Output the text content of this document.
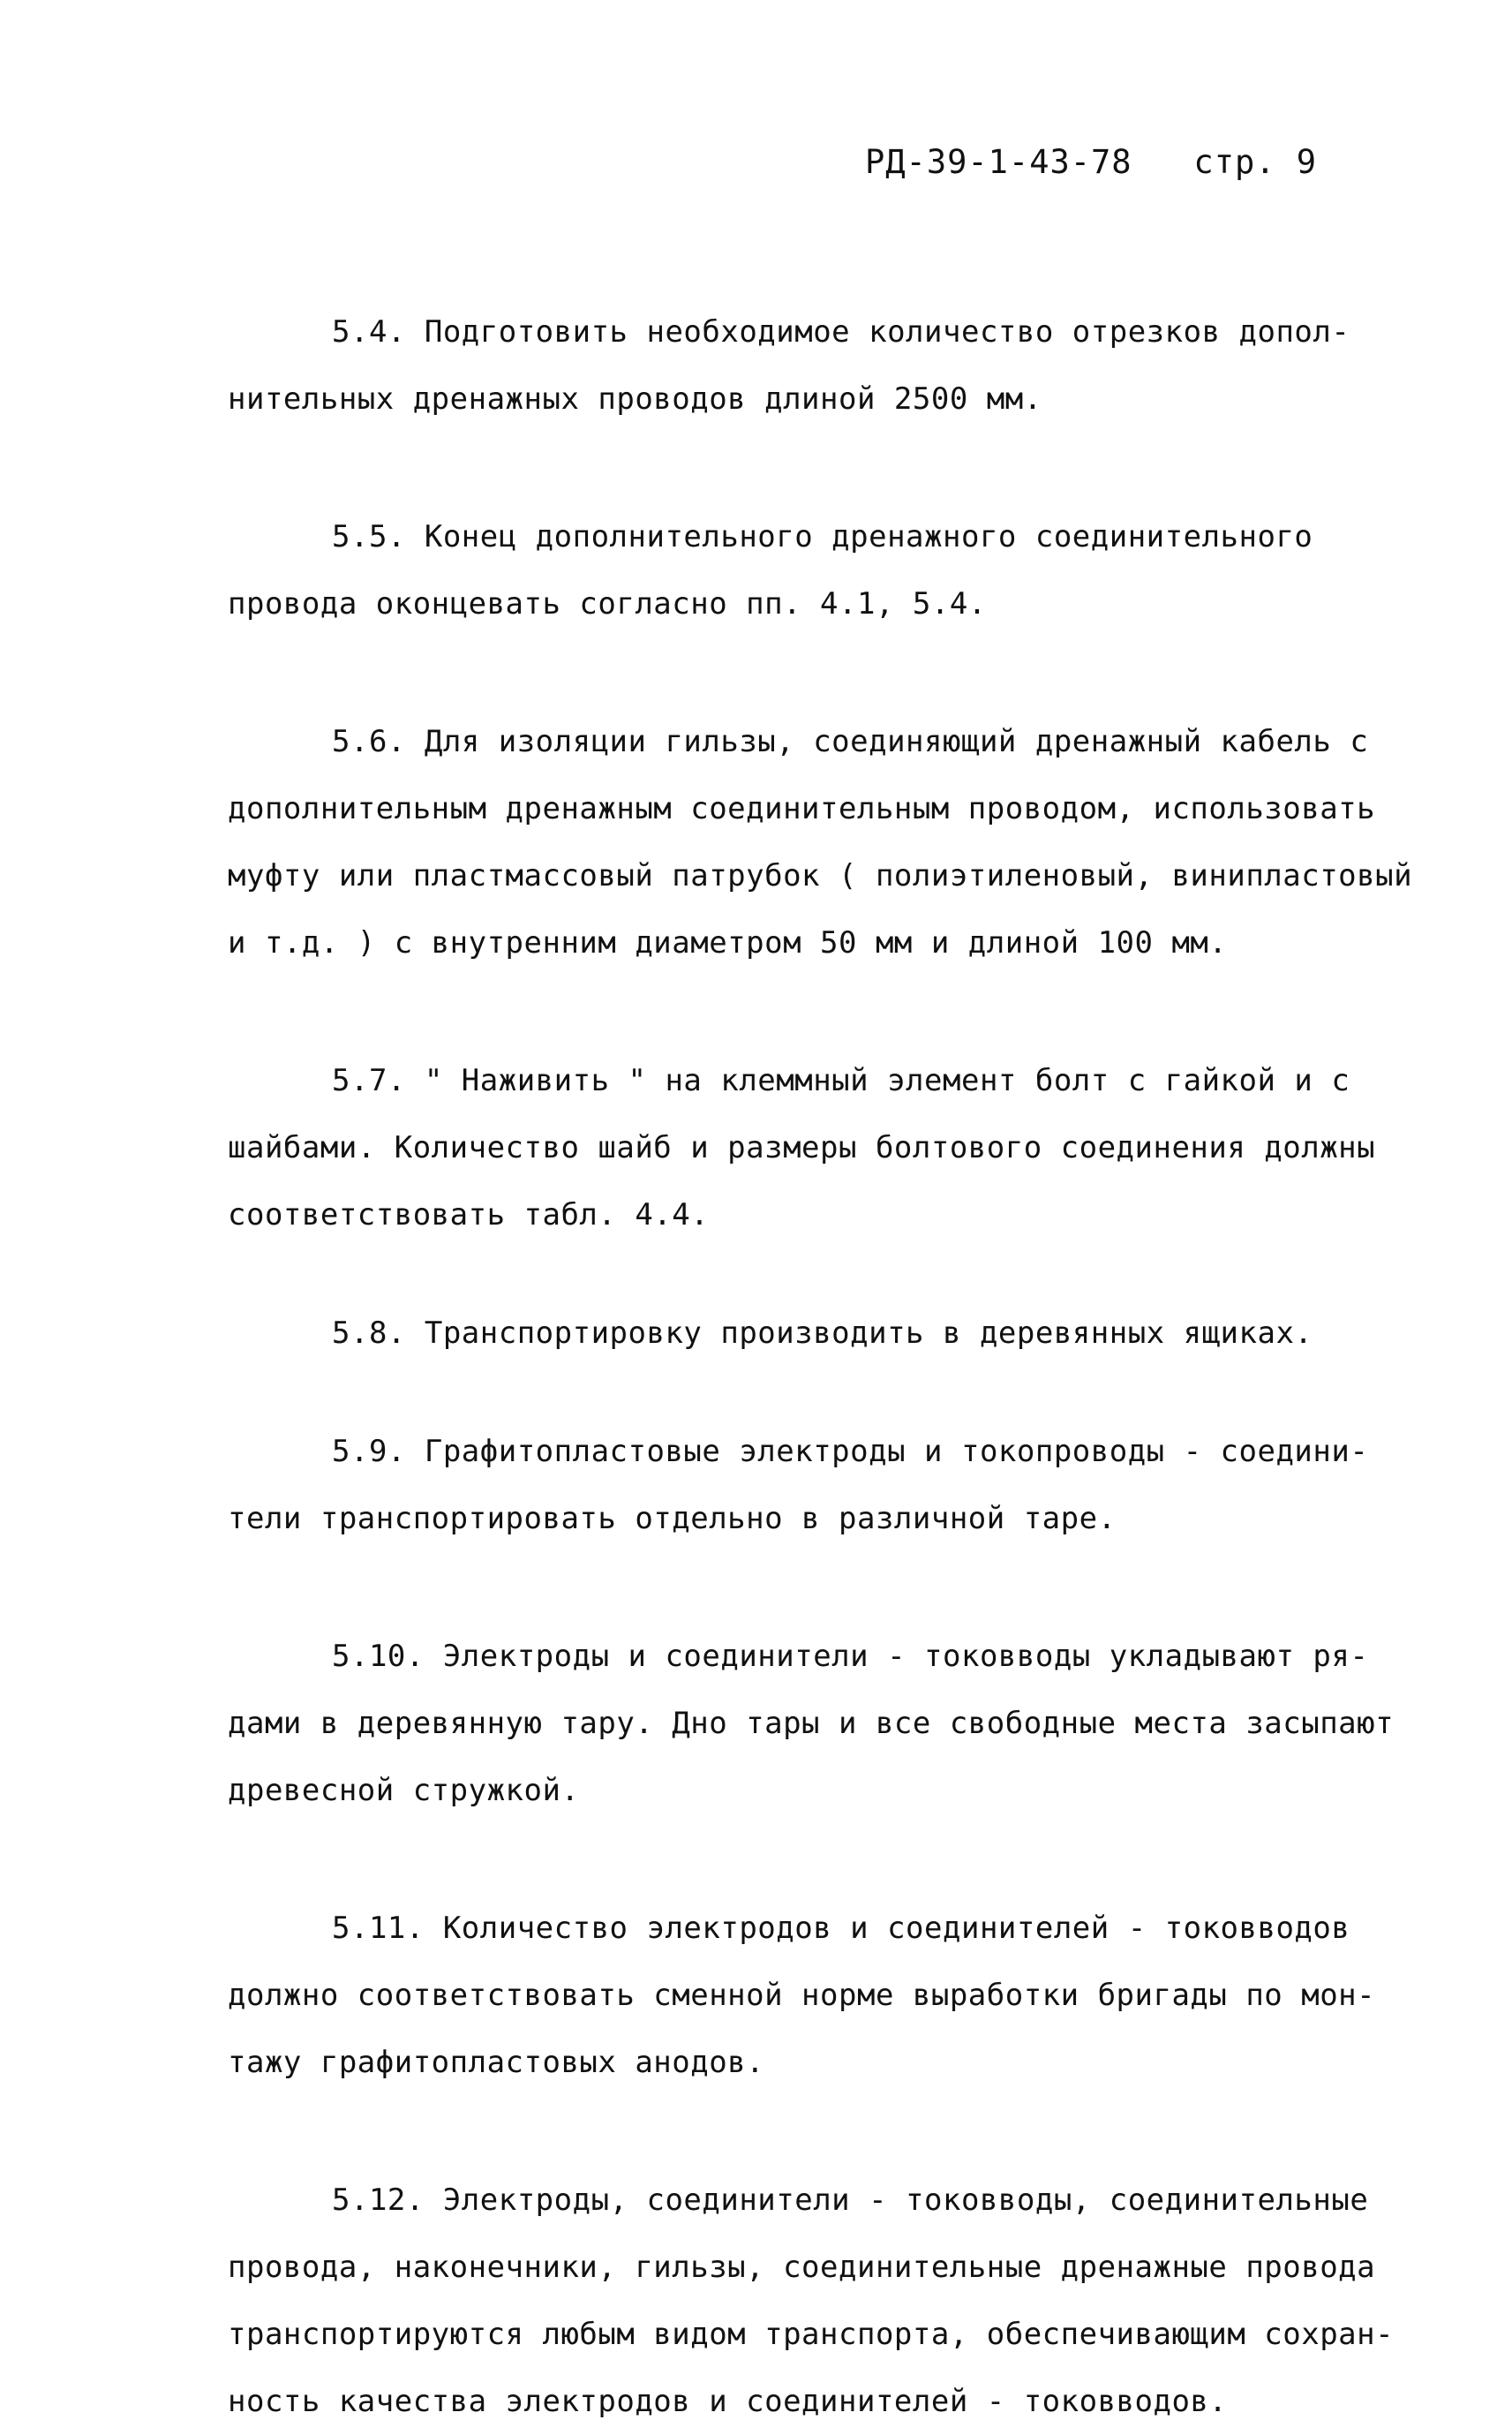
РД-39-1-43-78 стр. 9
5.4. Подготовить необходимое количество отрезков допол-
нительных дренажных проводов длиной 2500 мм.
5.5. Конец дополнительного дренажного соединительного
провода оконцевать согласно пп. 4.1, 5.4.
5.6. Для изоляции гильзы, соединяющий дренажный кабель с
дополнительным дренажным соединительным проводом, использовать
муфту или пластмассовый патрубок ( полиэтиленовый, винипластовый
и т.д. ) с внутренним диаметром 50 мм и длиной 100 мм.
5.7. " Наживить " на клеммный элемент болт с гайкой и с
шайбами. Количество шайб и размеры болтового соединения должны
соответствовать табл. 4.4.
5.8. Транспортировку производить в деревянных ящиках.
5.9. Графитопластовые электроды и токопроводы - соедини-
тели транспортировать отдельно в различной таре.
5.10. Электроды и соединители - токовводы укладывают ря-
дами в деревянную тару. Дно тары и все свободные места засыпают
древесной стружкой.
5.11. Количество электродов и соединителей - токовводов
должно соответствовать сменной норме выработки бригады по мон-
тажу графитопластовых анодов.
5.12. Электроды, соединители - токовводы, соединительные
провода, наконечники, гильзы, соединительные дренажные провода
транспортируются любым видом транспорта, обеспечивающим сохран-
ность качества электродов и соединителей - токовводов.
